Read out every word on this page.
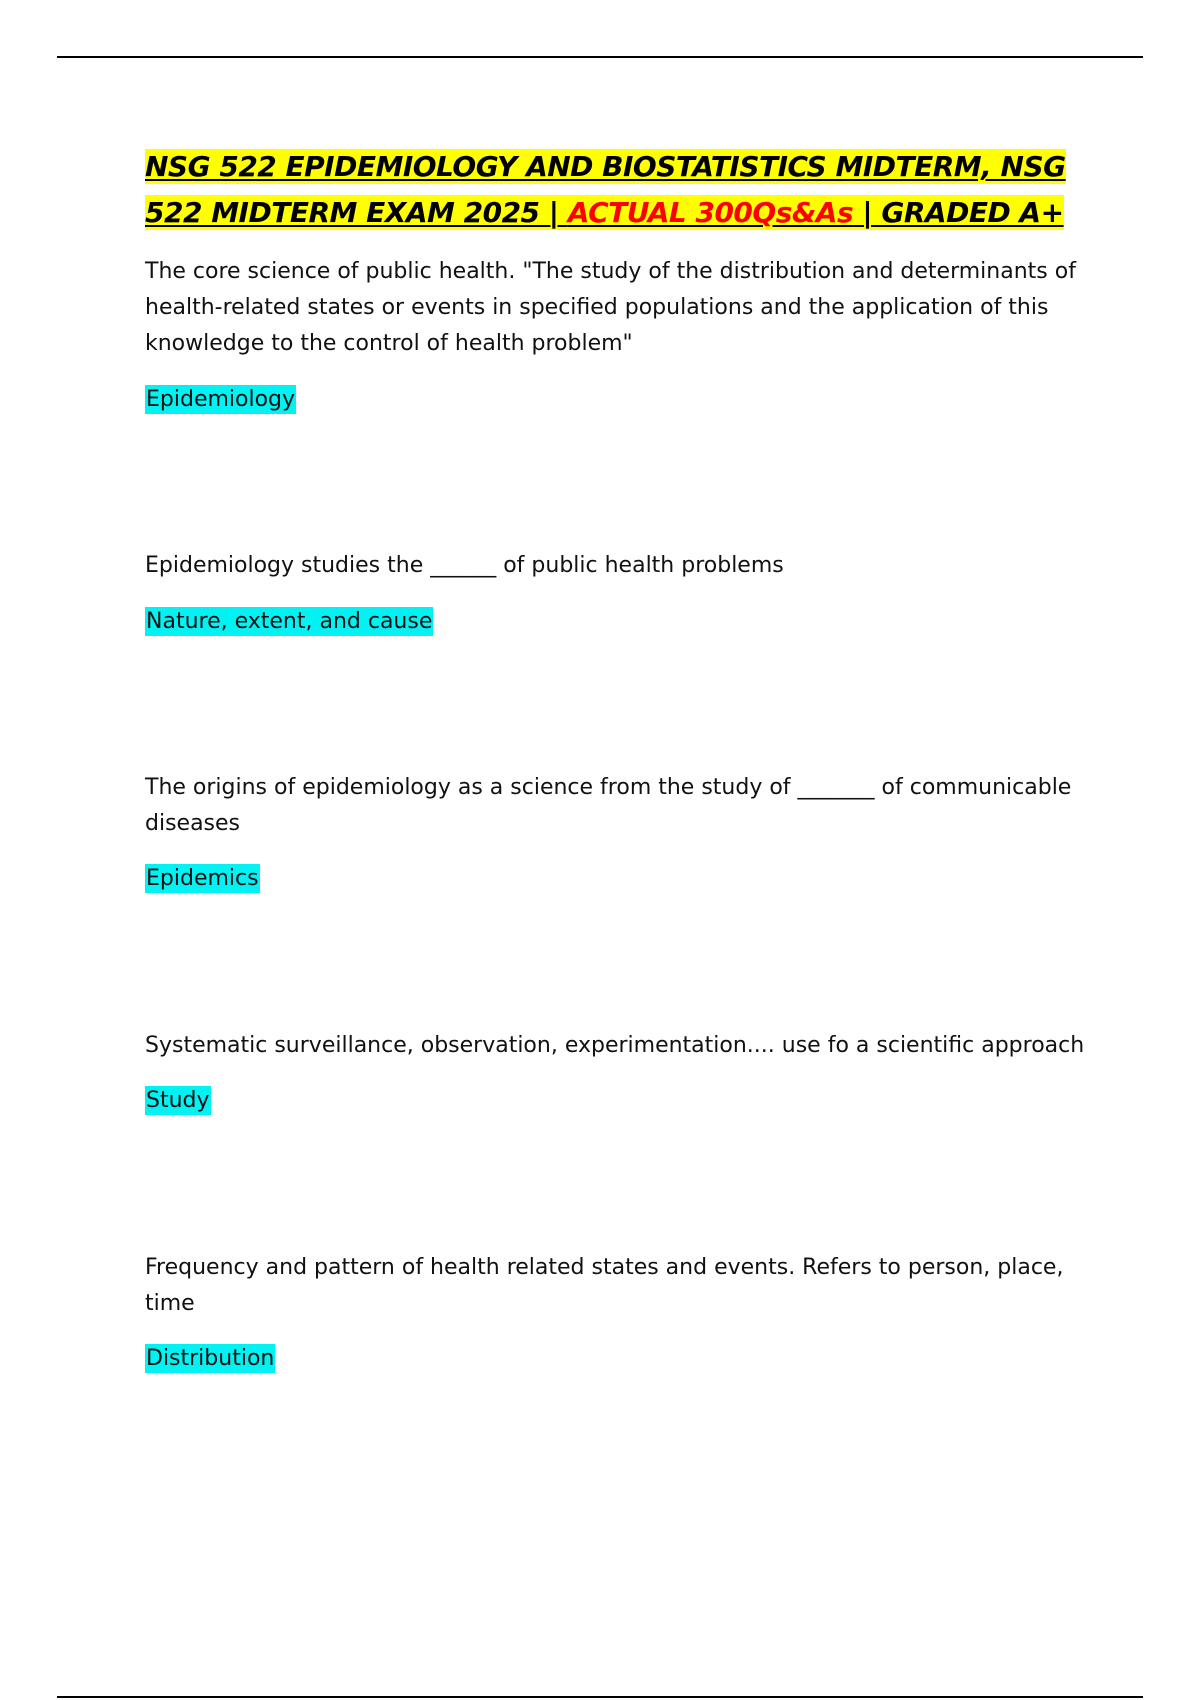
NSG 522 EPIDEMIOLOGY AND BIOSTATISTICS MIDTERM, NSG 522 MIDTERM EXAM 2025 | ACTUAL 300Qs&As | GRADED A+

The core science of public health. "The study of the distribution and determinants of health-related states or events in specified populations and the application of this knowledge to the control of health problem"

Epidemiology

Epidemiology studies the ______ of public health problems

Nature, extent, and cause

The origins of epidemiology as a science from the study of _______ of communicable diseases

Epidemics

Systematic surveillance, observation, experimentation.... use fo a scientific approach

Study

Frequency and pattern of health related states and events. Refers to person, place, time

Distribution
